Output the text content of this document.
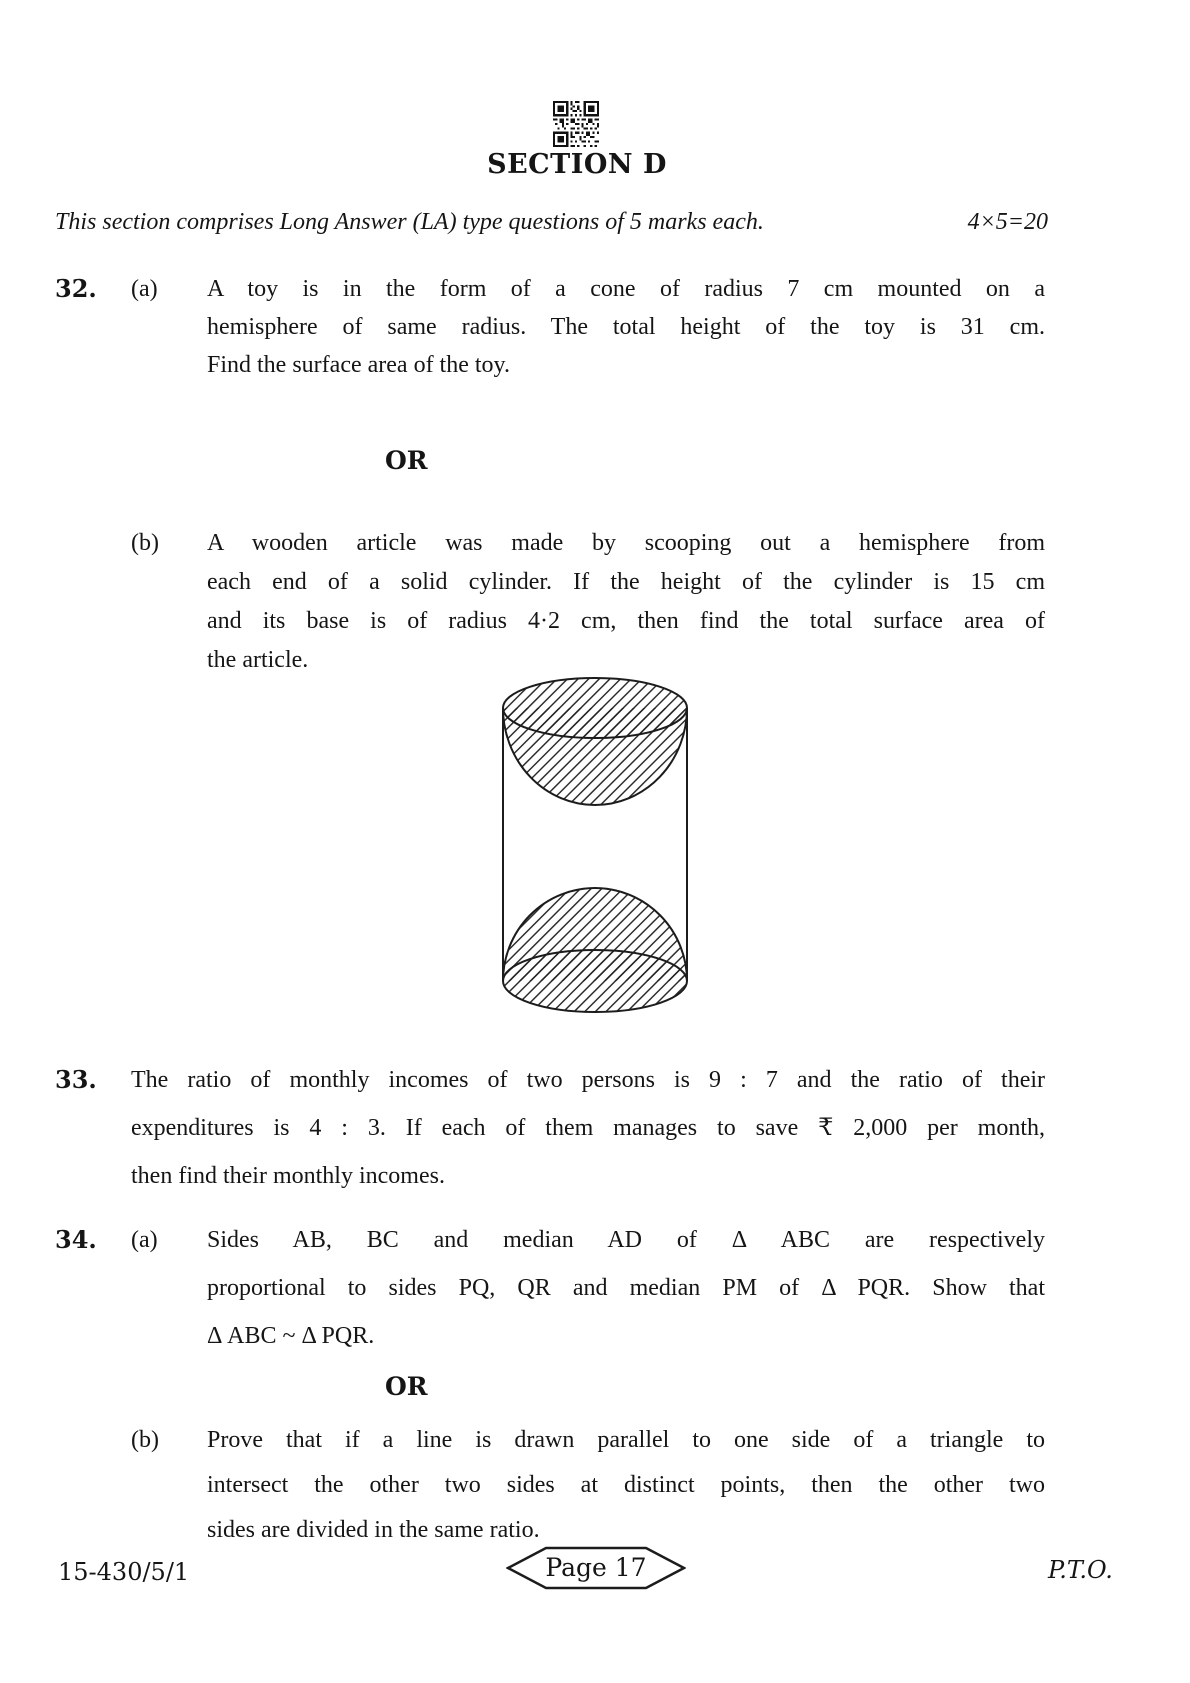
SECTION D
This section comprises Long Answer (LA) type questions of 5 marks each.	4×5=20
32. (a) A toy is in the form of a cone of radius 7 cm mounted on a
hemisphere of same radius. The total height of the toy is 31 cm.
Find the surface area of the toy.
OR
(b) A wooden article was made by scooping out a hemisphere from
each end of a solid cylinder. If the height of the cylinder is 15 cm
and its base is of radius 4·2 cm, then find the total surface area of
the article.
33. The ratio of monthly incomes of two persons is 9 : 7 and the ratio of their
expenditures is 4 : 3. If each of them manages to save ₹ 2,000 per month,
then find their monthly incomes.
34. (a) Sides AB, BC and median AD of Δ ABC are respectively
proportional to sides PQ, QR and median PM of Δ PQR. Show that
Δ ABC ~ Δ PQR.
OR
(b) Prove that if a line is drawn parallel to one side of a triangle to
intersect the other two sides at distinct points, then the other two
sides are divided in the same ratio.
15-430/5/1	Page 17	P.T.O.
